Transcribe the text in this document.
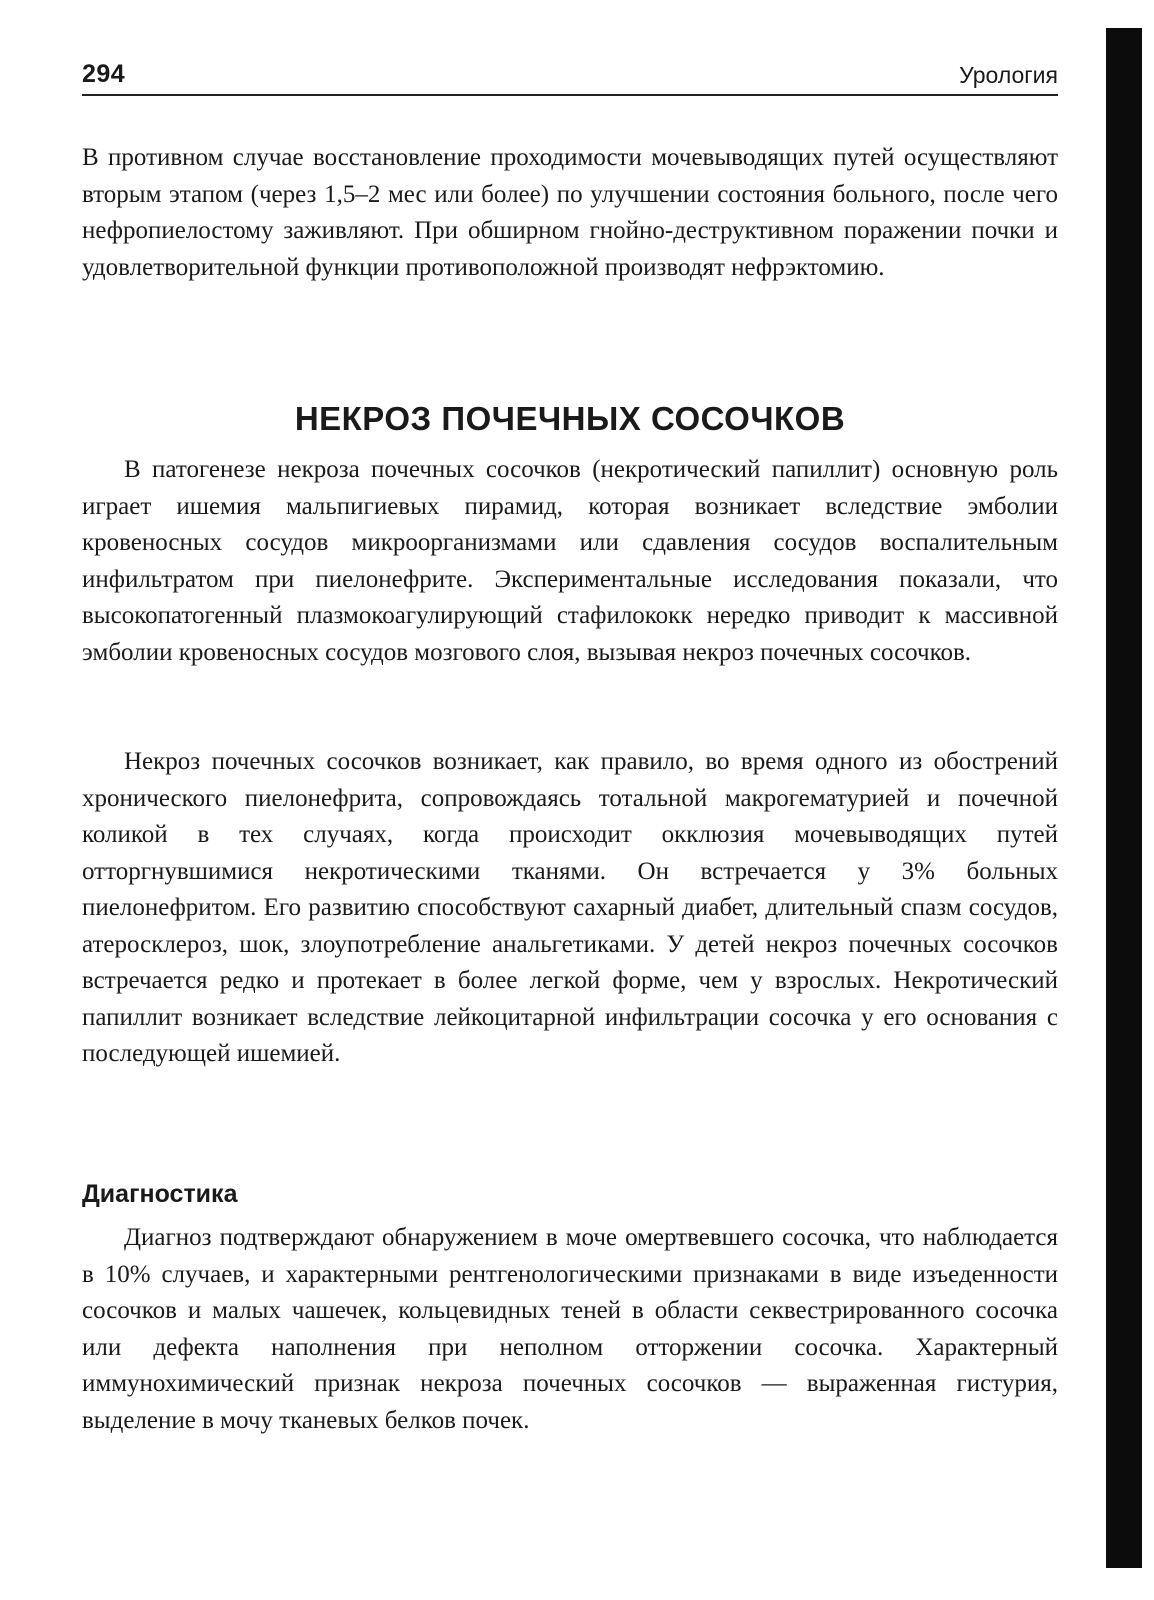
294	Урология

В противном случае восстановление проходимости мочевыводящих путей осуществляют вторым этапом (через 1,5–2 мес или более) по улучшении состояния больного, после чего нефропиелостому заживляют. При обширном гнойно-деструктивном поражении почки и удовлетворительной функции противоположной производят нефрэктомию.

НЕКРОЗ ПОЧЕЧНЫХ СОСОЧКОВ

В патогенезе некроза почечных сосочков (некротический папиллит) основную роль играет ишемия мальпигиевых пирамид, которая возникает вследствие эмболии кровеносных сосудов микроорганизмами или сдавления сосудов воспалительным инфильтратом при пиелонефрите. Экспериментальные исследования показали, что высокопатогенный плазмокоагулирующий стафилококк нередко приводит к массивной эмболии кровеносных сосудов мозгового слоя, вызывая некроз почечных сосочков.

Некроз почечных сосочков возникает, как правило, во время одного из обострений хронического пиелонефрита, сопровождаясь тотальной макрогематурией и почечной коликой в тех случаях, когда происходит окклюзия мочевыводящих путей отторгнувшимися некротическими тканями. Он встречается у 3% больных пиелонефритом. Его развитию способствуют сахарный диабет, длительный спазм сосудов, атеросклероз, шок, злоупотребление анальгетиками. У детей некроз почечных сосочков встречается редко и протекает в более легкой форме, чем у взрослых. Некротический папиллит возникает вследствие лейкоцитарной инфильтрации сосочка у его основания с последующей ишемией.

Диагностика

Диагноз подтверждают обнаружением в моче омертвевшего сосочка, что наблюдается в 10% случаев, и характерными рентгенологическими признаками в виде изъеденности сосочков и малых чашечек, кольцевидных теней в области секвестрированного сосочка или дефекта наполнения при неполном отторжении сосочка. Характерный иммунохимический признак некроза почечных сосочков — выраженная гистурия, выделение в мочу тканевых белков почек.
